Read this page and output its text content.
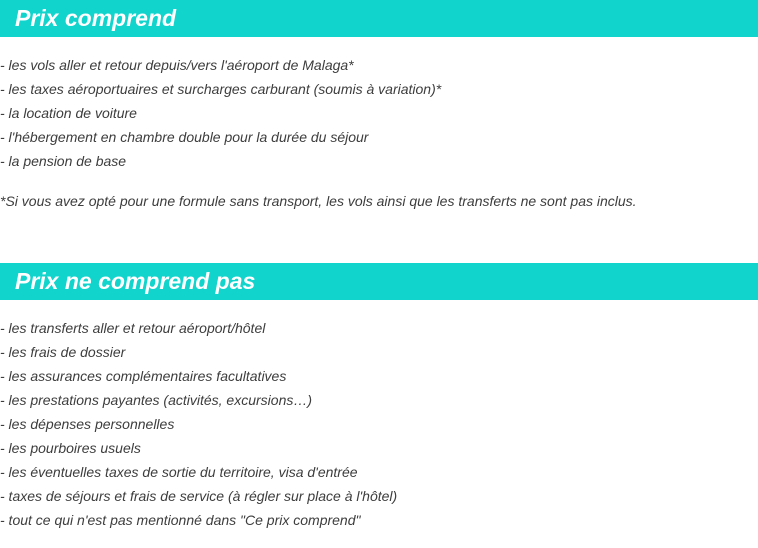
Prix comprend
- les vols aller et retour depuis/vers l'aéroport de Malaga*
- les taxes aéroportuaires et surcharges carburant (soumis à variation)*
- la location de voiture
- l'hébergement en chambre double pour la durée du séjour
- la pension de base
*Si vous avez opté pour une formule sans transport, les vols ainsi que les transferts ne sont pas inclus.
Prix ne comprend pas
- les transferts aller et retour aéroport/hôtel
- les frais de dossier
- les assurances complémentaires facultatives
- les prestations payantes (activités, excursions…)
- les dépenses personnelles
- les pourboires usuels
- les éventuelles taxes de sortie du territoire, visa d'entrée
- taxes de séjours et frais de service (à régler sur place à l'hôtel)
- tout ce qui n'est pas mentionné dans "Ce prix comprend"
